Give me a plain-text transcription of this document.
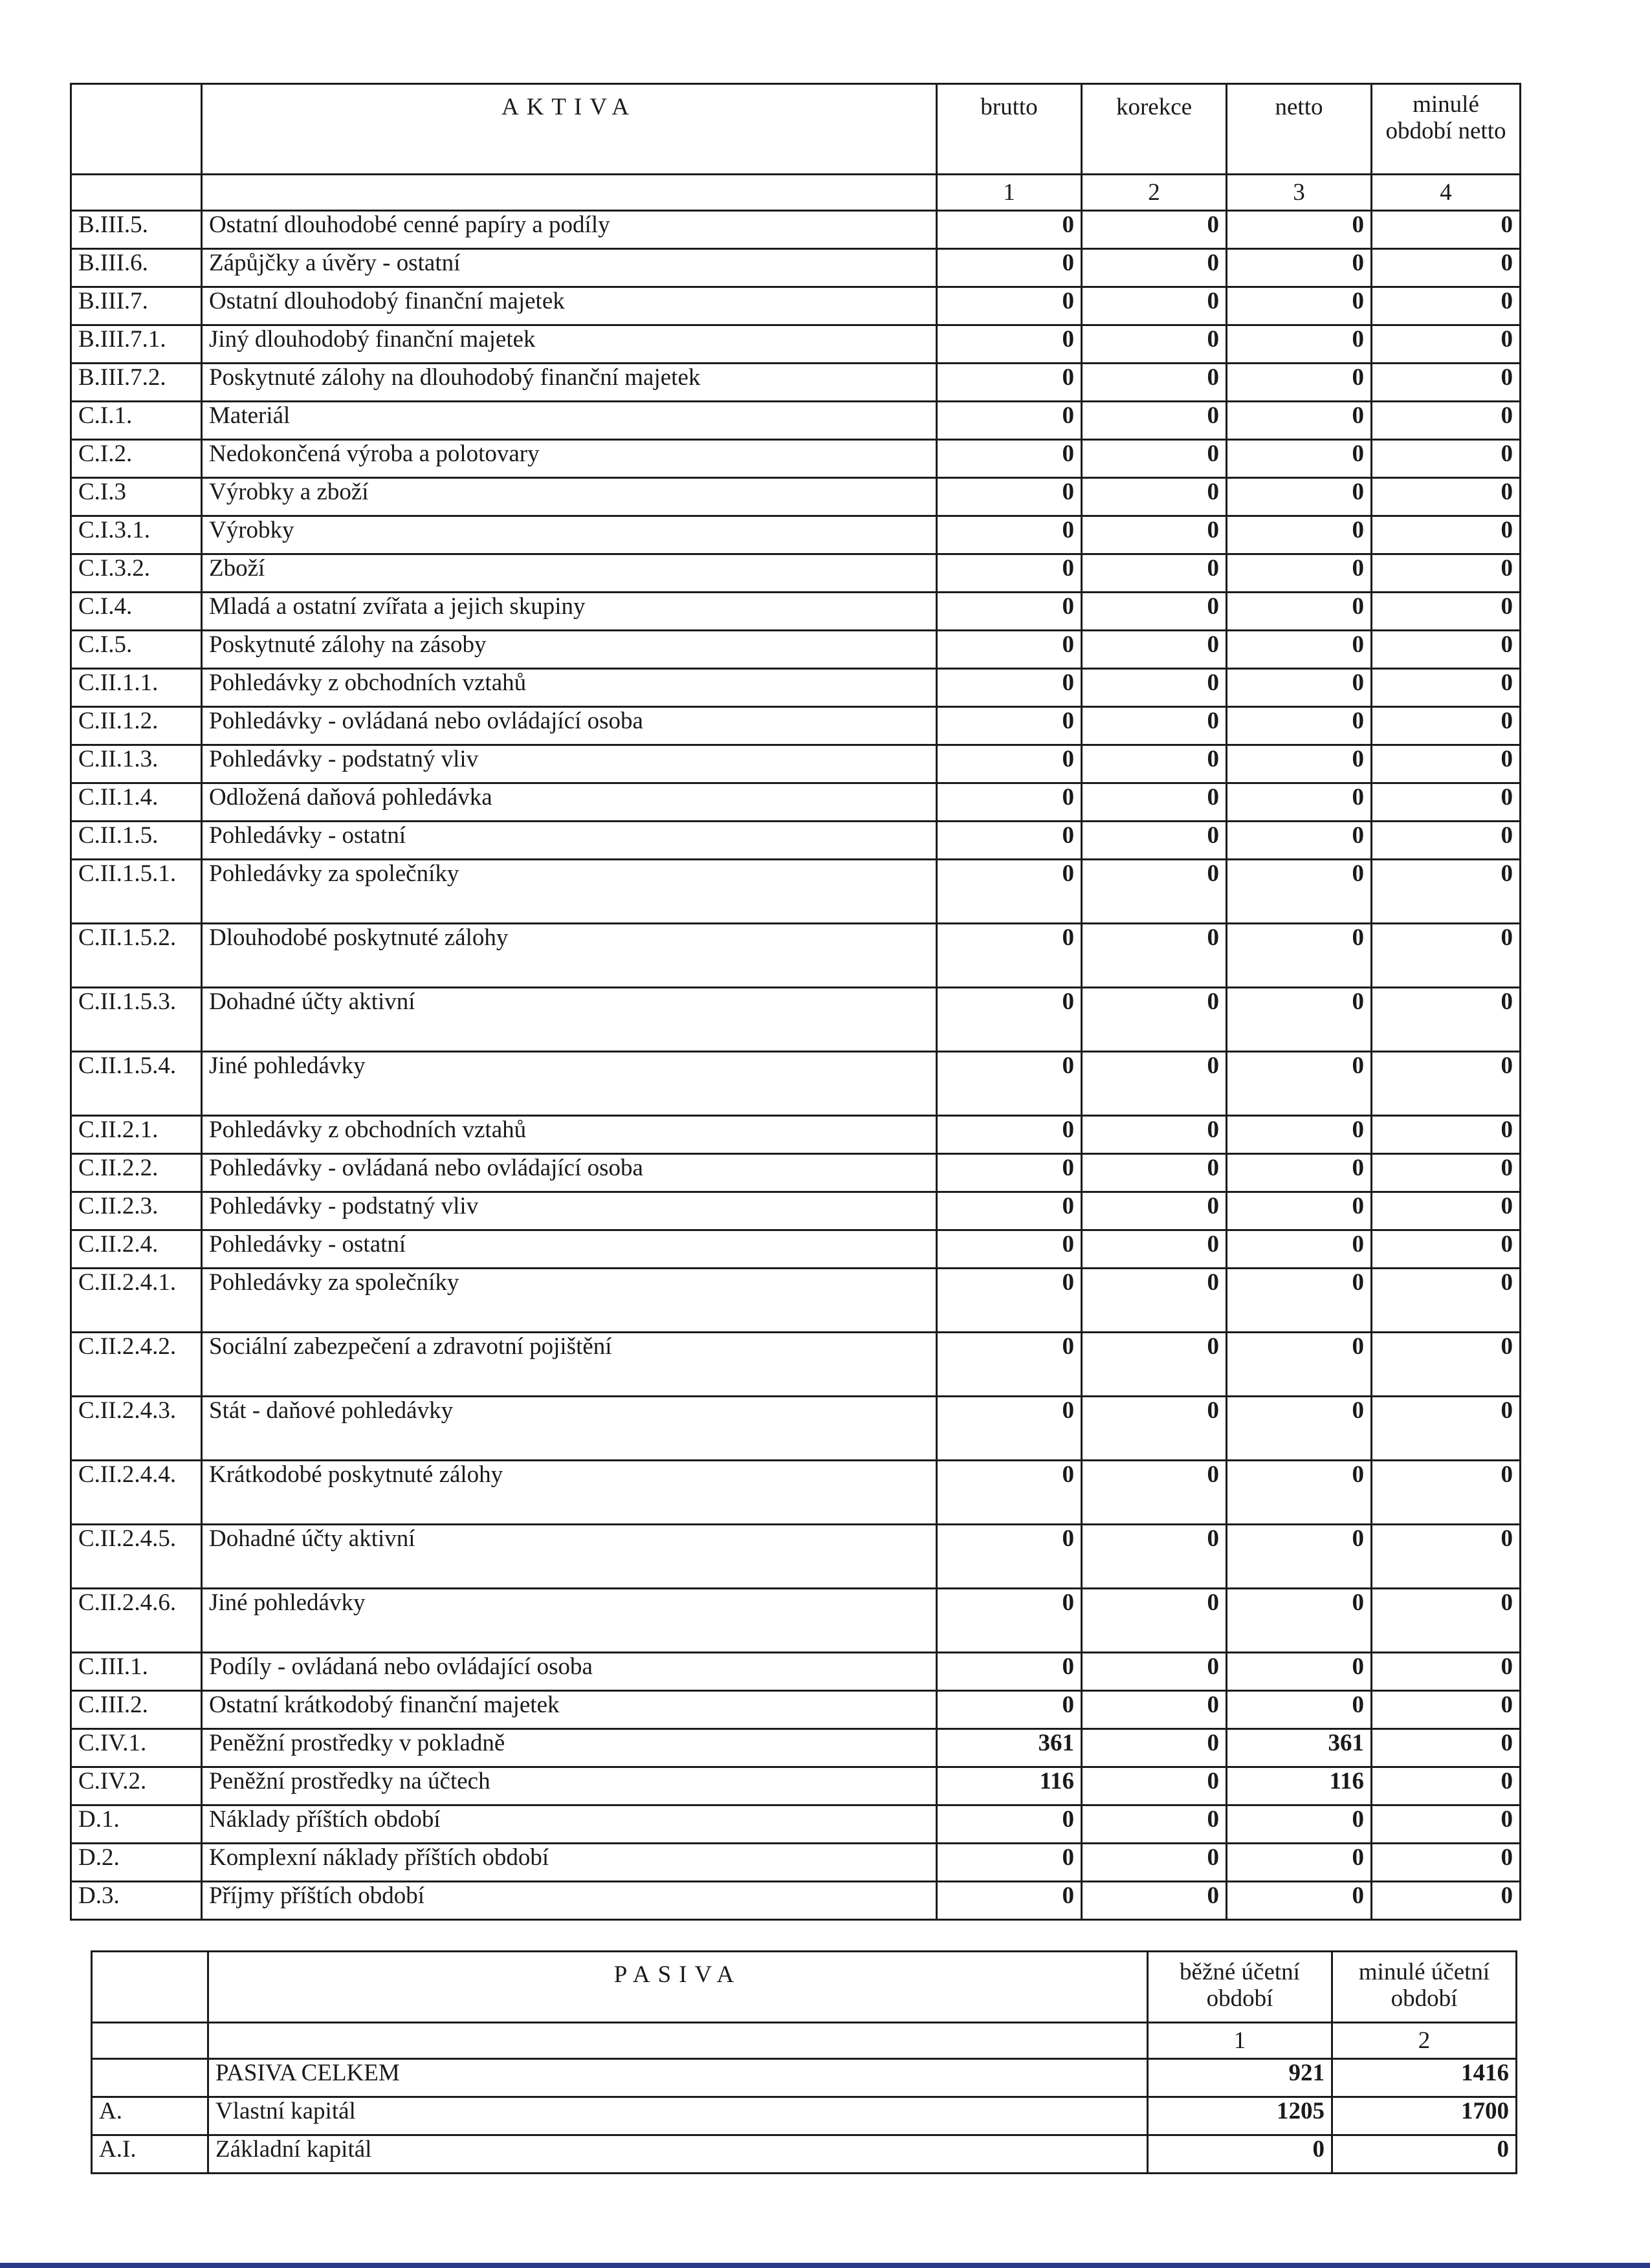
	AKTIVA	brutto	korekce	netto	minulé období netto
		1	2	3	4
B.III.5.	Ostatní dlouhodobé cenné papíry a podíly	0	0	0	0
B.III.6.	Zápůjčky a úvěry - ostatní	0	0	0	0
B.III.7.	Ostatní dlouhodobý finanční majetek	0	0	0	0
B.III.7.1.	Jiný dlouhodobý finanční majetek	0	0	0	0
B.III.7.2.	Poskytnuté zálohy na dlouhodobý finanční majetek	0	0	0	0
C.I.1.	Materiál	0	0	0	0
C.I.2.	Nedokončená výroba a polotovary	0	0	0	0
C.I.3	Výrobky a zboží	0	0	0	0
C.I.3.1.	Výrobky	0	0	0	0
C.I.3.2.	Zboží	0	0	0	0
C.I.4.	Mladá a ostatní zvířata a jejich skupiny	0	0	0	0
C.I.5.	Poskytnuté zálohy na zásoby	0	0	0	0
C.II.1.1.	Pohledávky z obchodních vztahů	0	0	0	0
C.II.1.2.	Pohledávky - ovládaná nebo ovládající osoba	0	0	0	0
C.II.1.3.	Pohledávky - podstatný vliv	0	0	0	0
C.II.1.4.	Odložená daňová pohledávka	0	0	0	0
C.II.1.5.	Pohledávky - ostatní	0	0	0	0
C.II.1.5.1.	Pohledávky za společníky	0	0	0	0
C.II.1.5.2.	Dlouhodobé poskytnuté zálohy	0	0	0	0
C.II.1.5.3.	Dohadné účty aktivní	0	0	0	0
C.II.1.5.4.	Jiné pohledávky	0	0	0	0
C.II.2.1.	Pohledávky z obchodních vztahů	0	0	0	0
C.II.2.2.	Pohledávky - ovládaná nebo ovládající osoba	0	0	0	0
C.II.2.3.	Pohledávky - podstatný vliv	0	0	0	0
C.II.2.4.	Pohledávky - ostatní	0	0	0	0
C.II.2.4.1.	Pohledávky za společníky	0	0	0	0
C.II.2.4.2.	Sociální zabezpečení a zdravotní pojištění	0	0	0	0
C.II.2.4.3.	Stát - daňové pohledávky	0	0	0	0
C.II.2.4.4.	Krátkodobé poskytnuté zálohy	0	0	0	0
C.II.2.4.5.	Dohadné účty aktivní	0	0	0	0
C.II.2.4.6.	Jiné pohledávky	0	0	0	0
C.III.1.	Podíly - ovládaná nebo ovládající osoba	0	0	0	0
C.III.2.	Ostatní krátkodobý finanční majetek	0	0	0	0
C.IV.1.	Peněžní prostředky v pokladně	361	0	361	0
C.IV.2.	Peněžní prostředky na účtech	116	0	116	0
D.1.	Náklady příštích období	0	0	0	0
D.2.	Komplexní náklady příštích období	0	0	0	0
D.3.	Příjmy příštích období	0	0	0	0
	PASIVA	běžné účetní období	minulé účetní období
		1	2
	PASIVA CELKEM	921	1416
A.	Vlastní kapitál	1205	1700
A.I.	Základní kapitál	0	0
